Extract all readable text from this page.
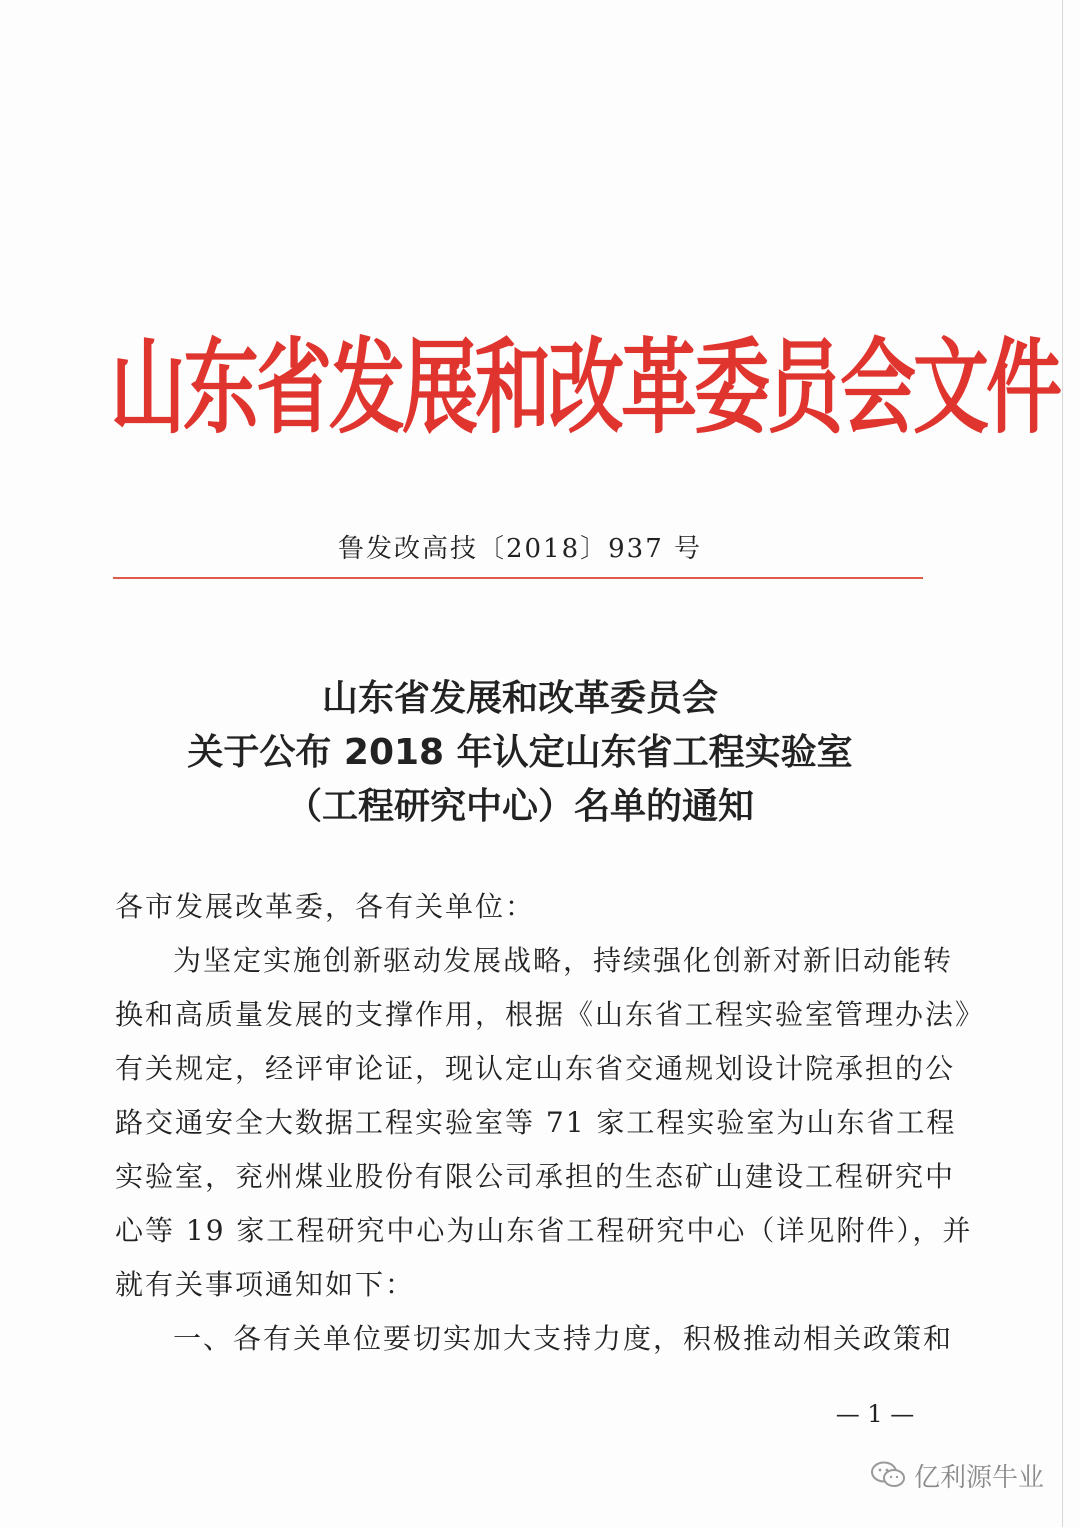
山东省发展和改革委员会文件
鲁发改高技〔2018〕937 号
山东省发展和改革委员会
关于公布 2018 年认定山东省工程实验室
（工程研究中心）名单的通知

各市发展改革委，各有关单位：

为坚定实施创新驱动发展战略，持续强化创新对新旧动能转

换和高质量发展的支撑作用，根据《山东省工程实验室管理办法》

有关规定，经评审论证，现认定山东省交通规划设计院承担的公

路交通安全大数据工程实验室等 71 家工程实验室为山东省工程

实验室，兖州煤业股份有限公司承担的生态矿山建设工程研究中

心等 19 家工程研究中心为山东省工程研究中心（详见附件），并

就有关事项通知如下：

一、各有关单位要切实加大支持力度，积极推动相关政策和

— 1 —
亿利源牛业
